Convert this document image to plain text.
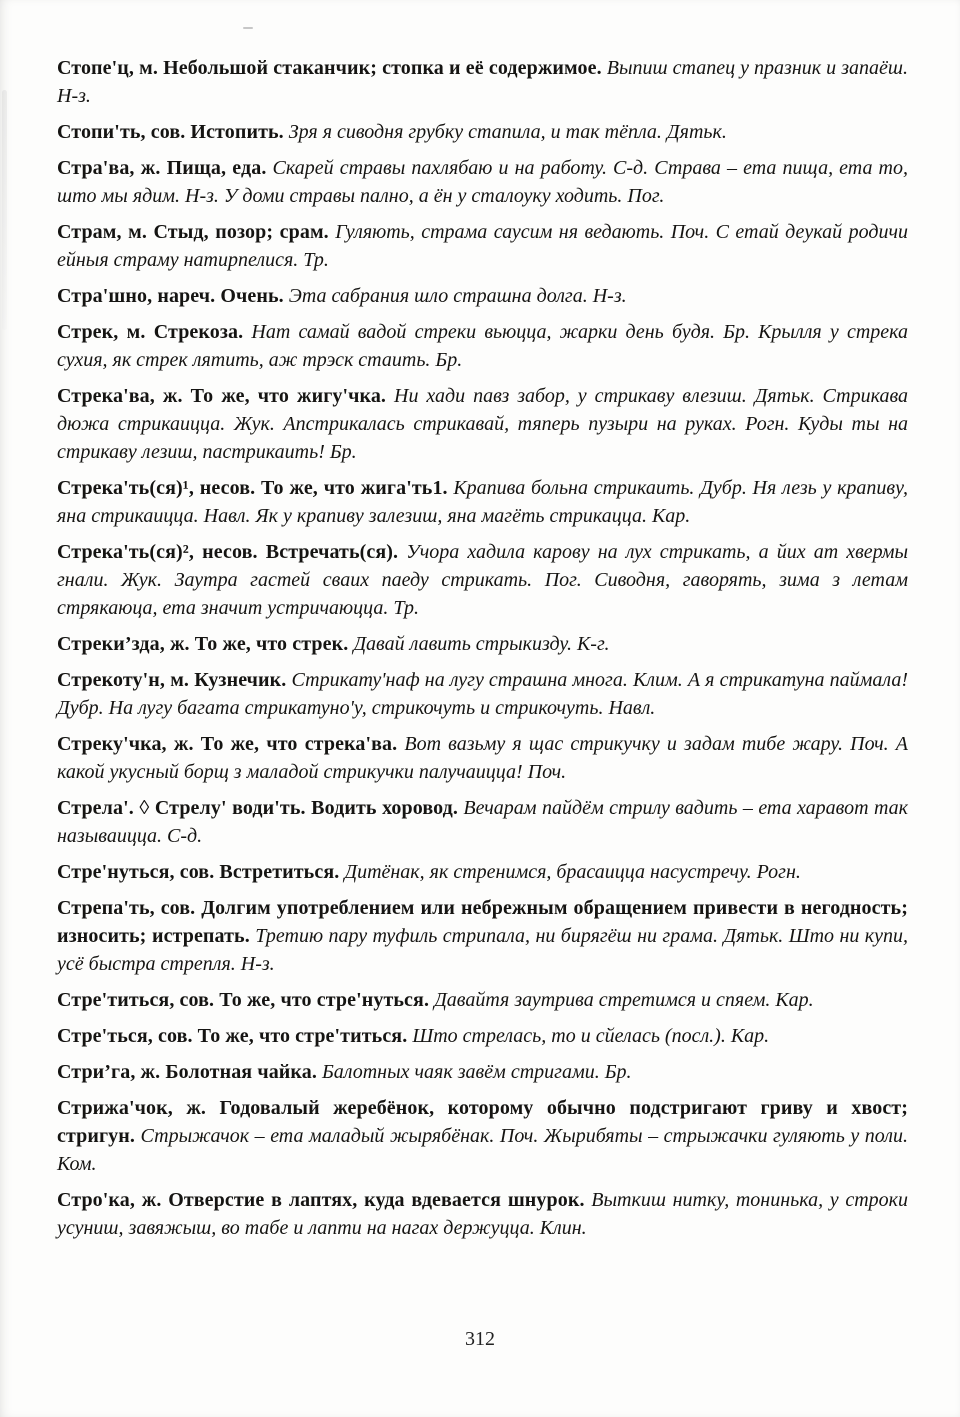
Стопе'ц, м. Небольшой стаканчик; стопка и её содержимое. Выпиш стапец у празник и запаёш. Н-з.

Стопи'ть, сов. Истопить. Зря я сиводня грубку стапила, и так тёпла. Дятьк.

Стра'ва, ж. Пища, еда. Скарей стравы пахлябаю и на работу. С-д. Страва – ета пища, ета то, што мы ядим. Н-з. У доми стравы пално, а ён у сталоуку ходить. Пог.

Страм, м. Стыд, позор; срам. Гуляють, страма саусим ня ведають. Поч. С етай деукай родичи ейныя страму натирпелися. Тр.

Стра'шно, нареч. Очень. Эта сабрания шло страшна долга. Н-з.

Стрек, м. Стрекоза. Нат самай вадой стреки вьюцца, жарки день будя. Бр. Крылля у стрека сухия, як стрек лятить, аж трэск стаить. Бр.

Стрека'ва, ж. То же, что жигу'чка. Ни хади павз забор, у стрикаву влезиш. Дятьк. Стрикава дюжа стрикаицца. Жук. Апстрикалась стрикавай, тяперь пузыри на руках. Рогн. Куды ты на стрикаву лезиш, пастрикаить! Бр.

Стрека'ть(ся)¹, несов. То же, что жига'ть1. Крапива больна стрикаить. Дубр. Ня лезь у крапиву, яна стрикаицца. Навл. Як у крапиву залезиш, яна магёть стрикацца. Кар.

Стрека'ть(ся)², несов. Встречать(ся). Учора хадила карову на лух стрикать, а йих ат хвермы гнали. Жук. Заутра гастей сваих паеду стрикать. Пог. Сиводня, гаворять, зима з летам стрякаюца, ета значит устричаюцца. Тр.

Стреки’зда, ж. То же, что стрек. Давай лавить стрыкизду. К-г.

Стрекоту'н, м. Кузнечик. Стрикату'наф на лугу страшна многа. Клим. А я стрикатуна паймала! Дубр. На лугу багата стрикатуно'у, стрикочуть и стрикочуть. Навл.

Стреку'чка, ж. То же, что стрека'ва. Вот вазьму я щас стрикучку и задам тибе жару. Поч. А какой укусный борщ з маладой стрикучки палучаицца! Поч.

Стрела'. ◊ Стрелу' води'ть. Водить хоровод. Вечарам пайдём стрилу вадить – ета харавот так называицца. С-д.

Стре'нуться, сов. Встретиться. Дитёнак, як стренимся, брасаицца насустречу. Рогн.

Стрепа'ть, сов. Долгим употреблением или небрежным обращением привести в негодность; износить; истрепать. Третию пару туфиль стрипала, ни бирягёш ни грама. Дятьк. Што ни купи, усё быстра стрепля. Н-з.

Стре'титься, сов. То же, что стре'нуться. Давайтя заутрива стретимся и спяем. Кар.

Стре'ться, сов. То же, что стре'титься. Што стрелась, то и сйелась (посл.). Кар.

Стри’га, ж. Болотная чайка. Балотных чаяк завём стригами. Бр.

Стрижа'чок, ж. Годовалый жеребёнок, которому обычно подстригают гриву и хвост; стригун. Стрыжачок – ета маладый жырябёнак. Поч. Жырибяты – стрыжачки гуляють у поли. Ком.

Стро'ка, ж. Отверстие в лаптях, куда вдевается шнурок. Выткиш нитку, тонинька, у строки усуниш, завяжыш, во табе и лапти на нагах держуцца. Клин.

312
